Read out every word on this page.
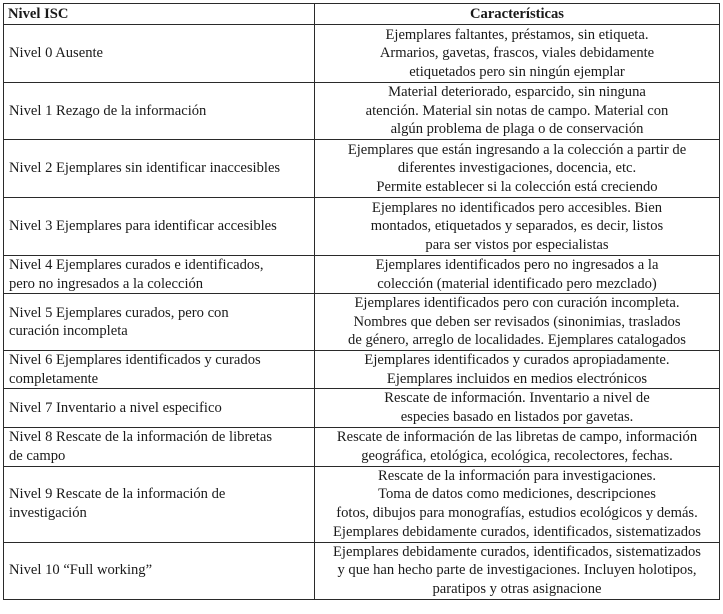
Nivel ISC	Características

Nivel 0 Ausente	Ejemplares faltantes, préstamos, sin etiqueta.
Armarios, gavetas, frascos, viales debidamente
etiquetados pero sin ningún ejemplar

Nivel 1 Rezago de la información	Material deteriorado, esparcido, sin ninguna
atención. Material sin notas de campo. Material con
algún problema de plaga o de conservación

Nivel 2 Ejemplares sin identificar inaccesibles	Ejemplares que están ingresando a la colección a partir de
diferentes investigaciones, docencia, etc.
Permite establecer si la colección está creciendo

Nivel 3 Ejemplares para identificar accesibles	Ejemplares no identificados pero accesibles. Bien
montados, etiquetados y separados, es decir, listos
para ser vistos por especialistas

Nivel 4 Ejemplares curados e identificados,
pero no ingresados a la colección	Ejemplares identificados pero no ingresados a la
colección (material identificado pero mezclado)

Nivel 5 Ejemplares curados, pero con
curación incompleta	Ejemplares identificados pero con curación incompleta.
Nombres que deben ser revisados (sinonimias, traslados
de género, arreglo de localidades. Ejemplares catalogados

Nivel 6 Ejemplares identificados y curados
completamente	Ejemplares identificados y curados apropiadamente.
Ejemplares incluidos en medios electrónicos

Nivel 7 Inventario a nivel especifico	Rescate de información. Inventario a nivel de
especies basado en listados por gavetas.

Nivel 8 Rescate de la información de libretas
de campo	Rescate de información de las libretas de campo, información
geográfica, etológica, ecológica, recolectores, fechas.

Nivel 9 Rescate de la información de
investigación	Rescate de la información para investigaciones.
Toma de datos como mediciones, descripciones
fotos, dibujos para monografías, estudios ecológicos y demás.
Ejemplares debidamente curados, identificados, sistematizados

Nivel 10 “Full working”	Ejemplares debidamente curados, identificados, sistematizados
y que han hecho parte de investigaciones. Incluyen holotipos,
paratipos y otras asignacione
